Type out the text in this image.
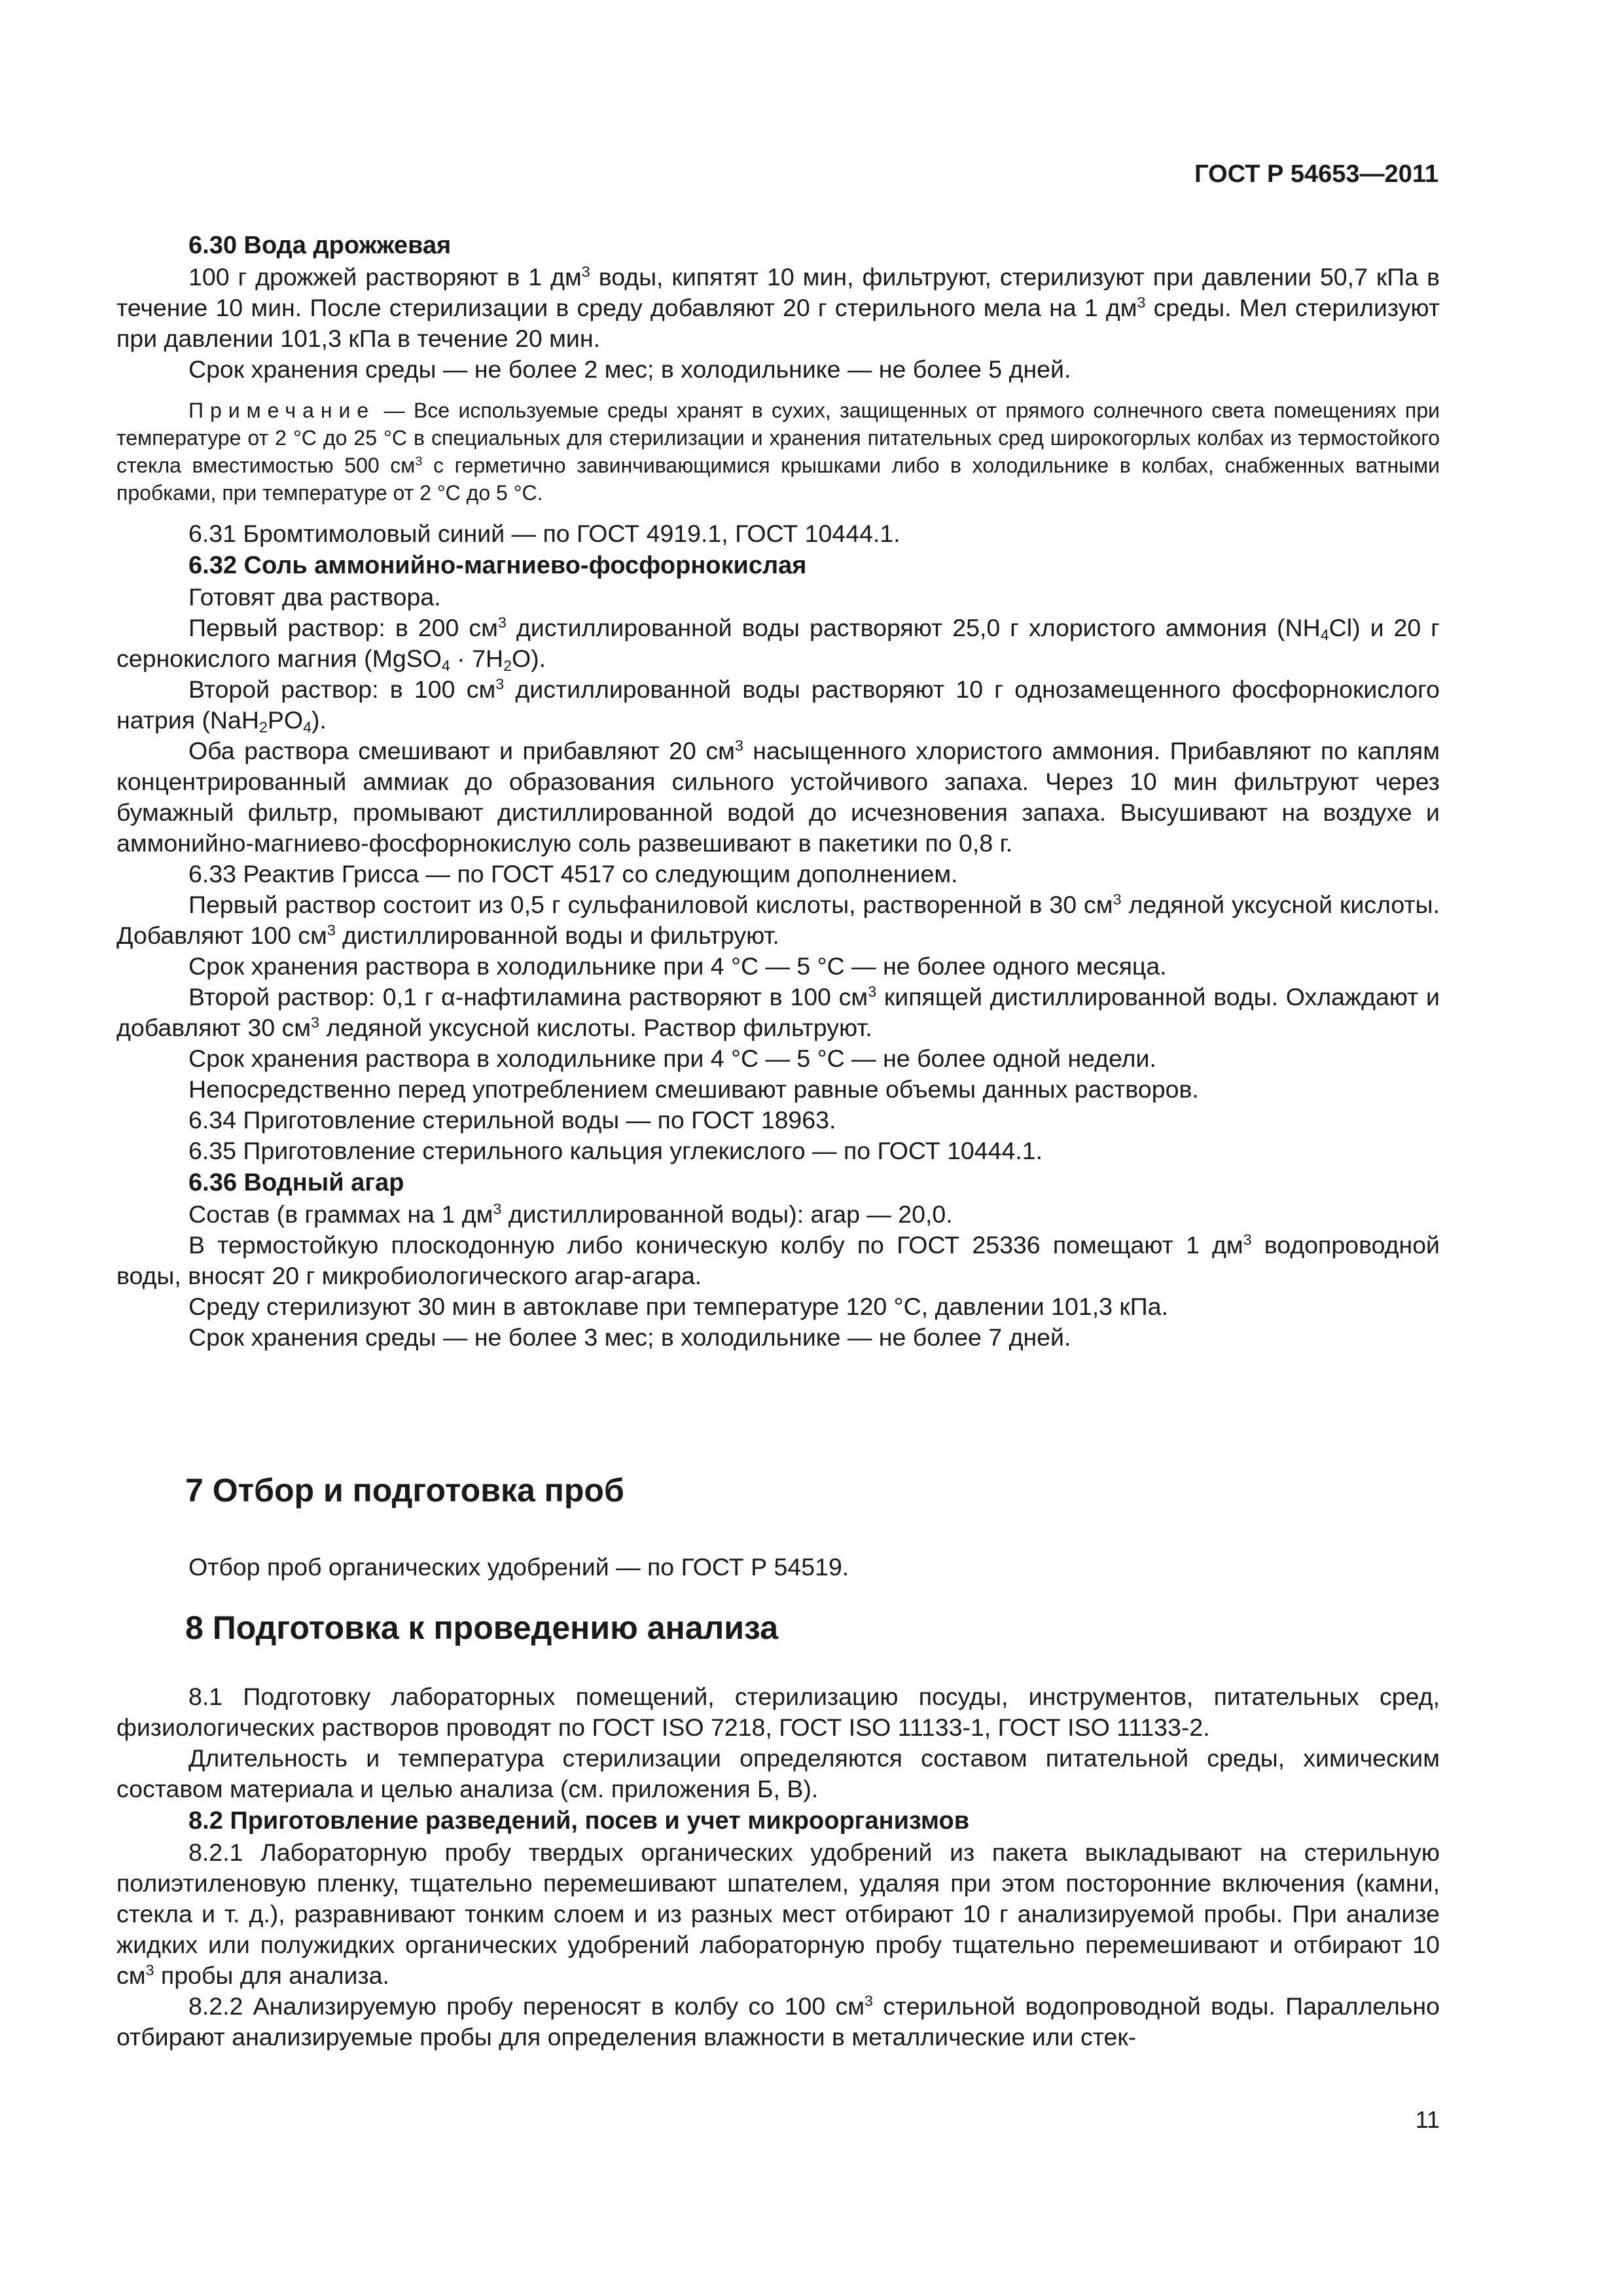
ГОСТ Р 54653—2011

6.30 Вода дрожжевая

100 г дрожжей растворяют в 1 $дм^3$ воды, кипятят 10 мин, фильтруют, стерилизуют при давлении 50,7 кПа в течение 10 мин. После стерилизации в среду добавляют 20 г стерильного мела на 1 $дм^3$ среды. Мел стерилизуют при давлении 101,3 кПа в течение 20 мин.

Срок хранения среды — не более 2 мес; в холодильнике — не более 5 дней.

Примечание — Все используемые среды хранят в сухих, защищенных от прямого солнечного света помещениях при температуре от 2 °С до 25 °С в специальных для стерилизации и хранения питательных сред широкогорлых колбах из термостойкого стекла вместимостью 500 $см^3$ с герметично завинчивающимися крышками либо в холодильнике в колбах, снабженных ватными пробками, при температуре от 2 °С до 5 °С.

6.31 Бромтимоловый синий — по ГОСТ 4919.1, ГОСТ 10444.1.

6.32 Соль аммонийно-магниево-фосфорнокислая

Готовят два раствора.

Первый раствор: в 200 $см^3$ дистиллированной воды растворяют 25,0 г хлористого аммония $(NH_4Cl)$ и 20 г сернокислого магния (MgSO$_4$ · $7H_2O$).

Второй раствор: в 100 $см^3$ дистиллированной воды растворяют 10 г однозамещенного фосфорнокислого натрия $(NaH_2PO_4)$.

Оба раствора смешивают и прибавляют 20 $см^3$ насыщенного хлористого аммония. Прибавляют по каплям концентрированный аммиак до образования сильного устойчивого запаха. Через 10 мин фильтруют через бумажный фильтр, промывают дистиллированной водой до исчезновения запаха. Высушивают на воздухе и аммонийно-магниево-фосфорнокислую соль развешивают в пакетики по 0,8 г.

6.33 Реактив Грисса — по ГОСТ 4517 со следующим дополнением.

Первый раствор состоит из 0,5 г сульфаниловой кислоты, растворенной в 30 $см^3$ ледяной уксусной кислоты. Добавляют 100 $см^3$ дистиллированной воды и фильтруют.

Срок хранения раствора в холодильнике при 4 °С — 5 °С — не более одного месяца.

Второй раствор: 0,1 г α-нафтиламина растворяют в 100 $см^3$ кипящей дистиллированной воды. Охлаждают и добавляют 30 $см^3$ ледяной уксусной кислоты. Раствор фильтруют.

Срок хранения раствора в холодильнике при 4 °С — 5 °С — не более одной недели.

Непосредственно перед употреблением смешивают равные объемы данных растворов.

6.34 Приготовление стерильной воды — по ГОСТ 18963.

6.35 Приготовление стерильного кальция углекислого — по ГОСТ 10444.1.

6.36 Водный агар

Состав (в граммах на 1 $дм^3$ дистиллированной воды): агар — 20,0.

В термостойкую плоскодонную либо коническую колбу по ГОСТ 25336 помещают 1 $дм^3$ водопроводной воды, вносят 20 г микробиологического агар-агара.

Среду стерилизуют 30 мин в автоклаве при температуре 120 °С, давлении 101,3 кПа.

Срок хранения среды — не более 3 мес; в холодильнике — не более 7 дней.

7 Отбор и подготовка проб

Отбор проб органических удобрений — по ГОСТ Р 54519.

8 Подготовка к проведению анализа

8.1 Подготовку лабораторных помещений, стерилизацию посуды, инструментов, питательных сред, физиологических растворов проводят по ГОСТ ISO 7218, ГОСТ ISO 11133-1, ГОСТ ISO 11133-2.

Длительность и температура стерилизации определяются составом питательной среды, химическим составом материала и целью анализа (см. приложения Б, В).

8.2 Приготовление разведений, посев и учет микроорганизмов

8.2.1 Лабораторную пробу твердых органических удобрений из пакета выкладывают на стерильную полиэтиленовую пленку, тщательно перемешивают шпателем, удаляя при этом посторонние включения (камни, стекла и т. д.), разравнивают тонким слоем и из разных мест отбирают 10 г анализируемой пробы. При анализе жидких или полужидких органических удобрений лабораторную пробу тщательно перемешивают и отбирают 10 $см^3$ пробы для анализа.

8.2.2 Анализируемую пробу переносят в колбу со 100 $см^3$ стерильной водопроводной воды. Параллельно отбирают анализируемые пробы для определения влажности в металлические или стек-

11
